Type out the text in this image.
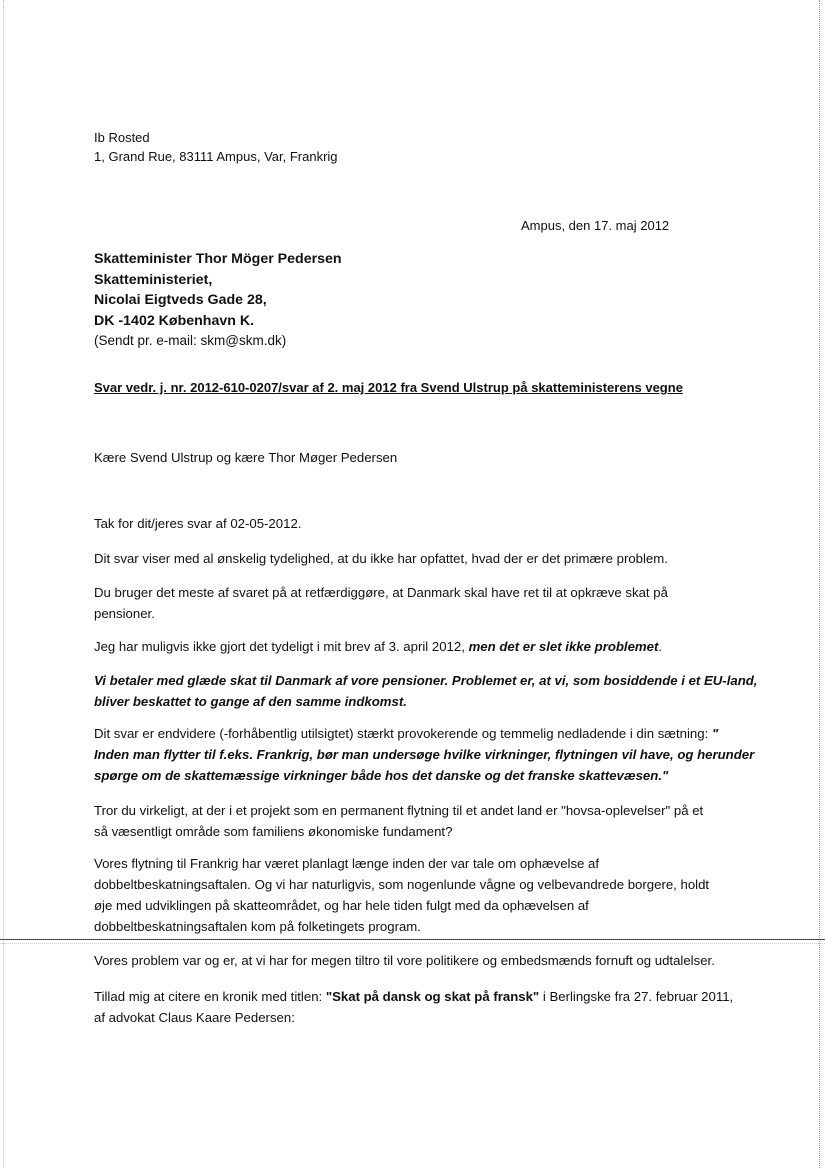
Ib Rosted
1, Grand Rue, 83111 Ampus, Var, Frankrig
Ampus, den 17. maj 2012
Skatteminister Thor Möger Pedersen
Skatteministeriet,
Nicolai Eigtveds Gade 28,
DK -1402 København K.
(Sendt pr. e-mail: skm@skm.dk)
Svar vedr. j. nr. 2012-610-0207/svar af 2. maj 2012 fra Svend Ulstrup på skatteministerens vegne
Kære Svend Ulstrup og kære Thor Møger Pedersen
Tak for dit/jeres svar af 02-05-2012.
Dit svar viser med al ønskelig tydelighed, at du ikke har opfattet, hvad der er det primære problem.

Du bruger det meste af svaret på at retfærdiggøre, at Danmark skal have ret til at opkræve skat på

pensioner.

Jeg har muligvis ikke gjort det tydeligt i mit brev af 3. april 2012, men det er slet ikke problemet.

Vi betaler med glæde skat til Danmark af vore pensioner. Problemet er, at vi, som bosiddende i et EU-land,

bliver beskattet to gange af den samme indkomst.

Dit svar er endvidere (-forhåbentlig utilsigtet) stærkt provokerende og temmelig nedladende i din sætning: "

Inden man flytter til f.eks. Frankrig, bør man undersøge hvilke virkninger, flytningen vil have, og herunder

spørge om de skattemæssige virkninger både hos det danske og det franske skattevæsen."

Tror du virkeligt, at der i et projekt som en permanent flytning til et andet land er "hovsa-oplevelser" på et

så væsentligt område som familiens økonomiske fundament?

Vores flytning til Frankrig har været planlagt længe inden der var tale om ophævelse af

dobbeltbeskatningsaftalen. Og vi har naturligvis, som nogenlunde vågne og velbevandrede borgere, holdt

øje med udviklingen på skatteområdet, og har hele tiden fulgt med da ophævelsen af

dobbeltbeskatningsaftalen kom på folketingets program.

Vores problem var og er, at vi har for megen tiltro til vore politikere og embedsmænds fornuft og udtalelser.

Tillad mig at citere en kronik med titlen: "Skat på dansk og skat på fransk" i Berlingske fra 27. februar 2011,

af advokat Claus Kaare Pedersen:
